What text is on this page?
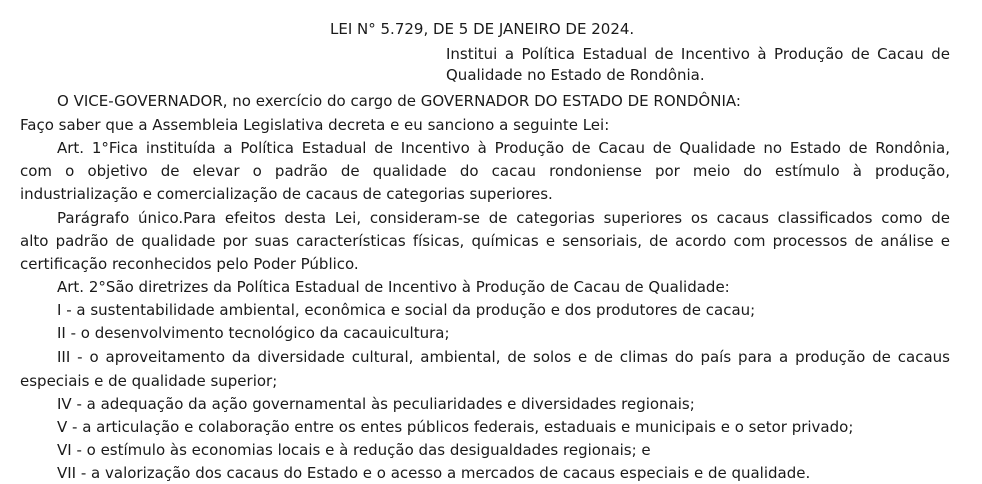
LEI N° 5.729, DE 5 DE JANEIRO DE 2024.
Institui a Política Estadual de Incentivo à Produção de Cacau de
Qualidade no Estado de Rondônia.
O VICE-GOVERNADOR, no exercício do cargo de GOVERNADOR DO ESTADO DE RONDÔNIA:
Faço saber que a Assembleia Legislativa decreta e eu sanciono a seguinte Lei:
Art. 1°Fica instituída a Política Estadual de Incentivo à Produção de Cacau de Qualidade no Estado de Rondônia,
com o objetivo de elevar o padrão de qualidade do cacau rondoniense por meio do estímulo à produção,
industrialização e comercialização de cacaus de categorias superiores.
Parágrafo único.Para efeitos desta Lei, consideram-se de categorias superiores os cacaus classificados como de
alto padrão de qualidade por suas características físicas, químicas e sensoriais, de acordo com processos de análise e
certificação reconhecidos pelo Poder Público.
Art. 2°São diretrizes da Política Estadual de Incentivo à Produção de Cacau de Qualidade:
I - a sustentabilidade ambiental, econômica e social da produção e dos produtores de cacau;
II - o desenvolvimento tecnológico da cacauicultura;
III - o aproveitamento da diversidade cultural, ambiental, de solos e de climas do país para a produção de cacaus
especiais e de qualidade superior;
IV - a adequação da ação governamental às peculiaridades e diversidades regionais;
V - a articulação e colaboração entre os entes públicos federais, estaduais e municipais e o setor privado;
VI - o estímulo às economias locais e à redução das desigualdades regionais; e
VII - a valorização dos cacaus do Estado e o acesso a mercados de cacaus especiais e de qualidade.
